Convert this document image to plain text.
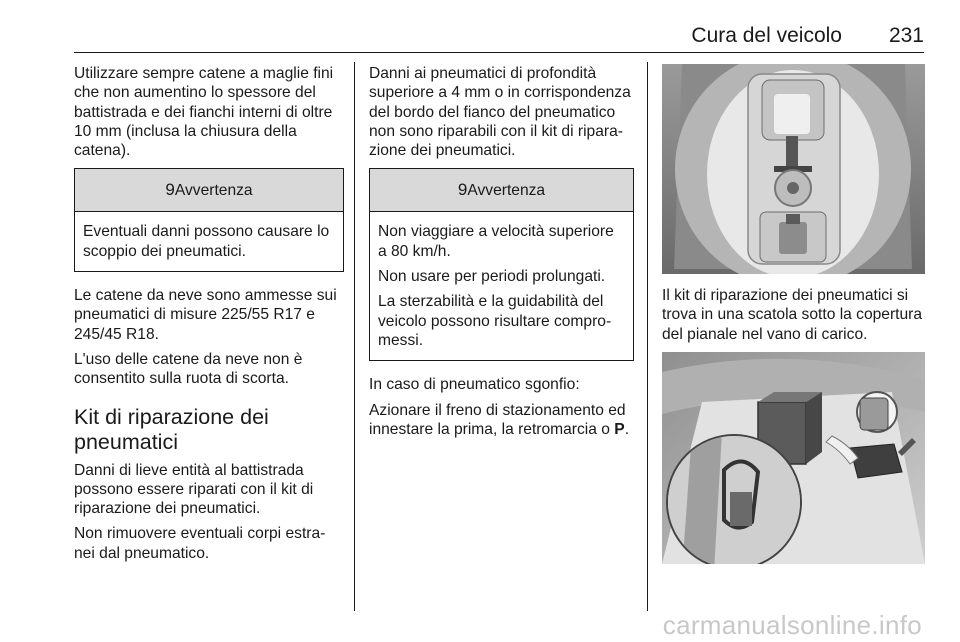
Cura del veicolo 231

Utilizzare sempre catene a maglie fini che non aumentino lo spessore del battistrada e dei fianchi interni di oltre 10 mm (inclusa la chiusura della catena).

9Avvertenza

Eventuali danni possono causare lo scoppio dei pneumatici.

Le catene da neve sono ammesse sui pneumatici di misure 225/55 R17 e 245/45 R18.

L'uso delle catene da neve non è consentito sulla ruota di scorta.

Kit di riparazione dei pneumatici

Danni di lieve entità al battistrada possono essere riparati con il kit di riparazione dei pneumatici.

Non rimuovere eventuali corpi estra-nei dal pneumatico.

Danni ai pneumatici di profondità superiore a 4 mm o in corrispondenza del bordo del fianco del pneumatico non sono riparabili con il kit di ripara-zione dei pneumatici.

9Avvertenza

Non viaggiare a velocità superiore a 80 km/h.

Non usare per periodi prolungati.

La sterzabilità e la guidabilità del veicolo possono risultare compro-messi.

In caso di pneumatico sgonfio:

Azionare il freno di stazionamento ed innestare la prima, la retromarcia o P.

Il kit di riparazione dei pneumatici si trova in una scatola sotto la copertura del pianale nel vano di carico.

carmanualsonline.info
